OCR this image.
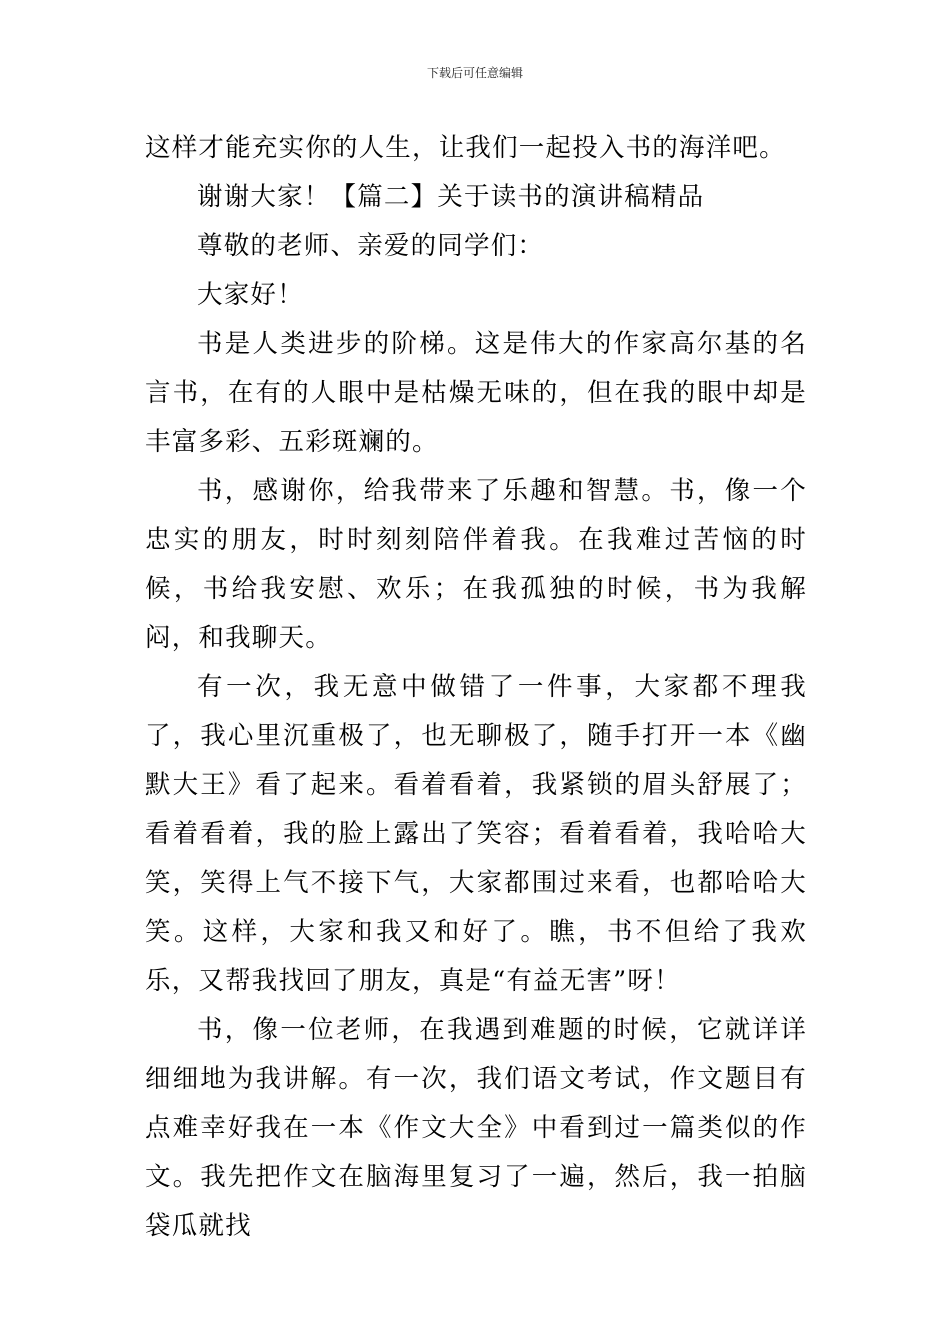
下载后可任意编辑

这样才能充实你的人生，让我们一起投入书的海洋吧。

谢谢大家！【篇二】关于读书的演讲稿精品

尊敬的老师、亲爱的同学们：

大家好！

书是人类进步的阶梯。这是伟大的作家高尔基的名言书，在有的人眼中是枯燥无味的，但在我的眼中却是丰富多彩、五彩斑斓的。

书，感谢你，给我带来了乐趣和智慧。书，像一个忠实的朋友，时时刻刻陪伴着我。在我难过苦恼的时候，书给我安慰、欢乐；在我孤独的时候，书为我解闷，和我聊天。

有一次，我无意中做错了一件事，大家都不理我了，我心里沉重极了，也无聊极了，随手打开一本《幽默大王》看了起来。看着看着，我紧锁的眉头舒展了；看着看着，我的脸上露出了笑容；看着看着，我哈哈大笑，笑得上气不接下气，大家都围过来看，也都哈哈大笑。这样，大家和我又和好了。瞧，书不但给了我欢乐，又帮我找回了朋友，真是“有益无害”呀！

书，像一位老师，在我遇到难题的时候，它就详详细细地为我讲解。有一次，我们语文考试，作文题目有点难幸好我在一本《作文大全》中看到过一篇类似的作文。我先把作文在脑海里复习了一遍，然后，我一拍脑袋瓜就找
